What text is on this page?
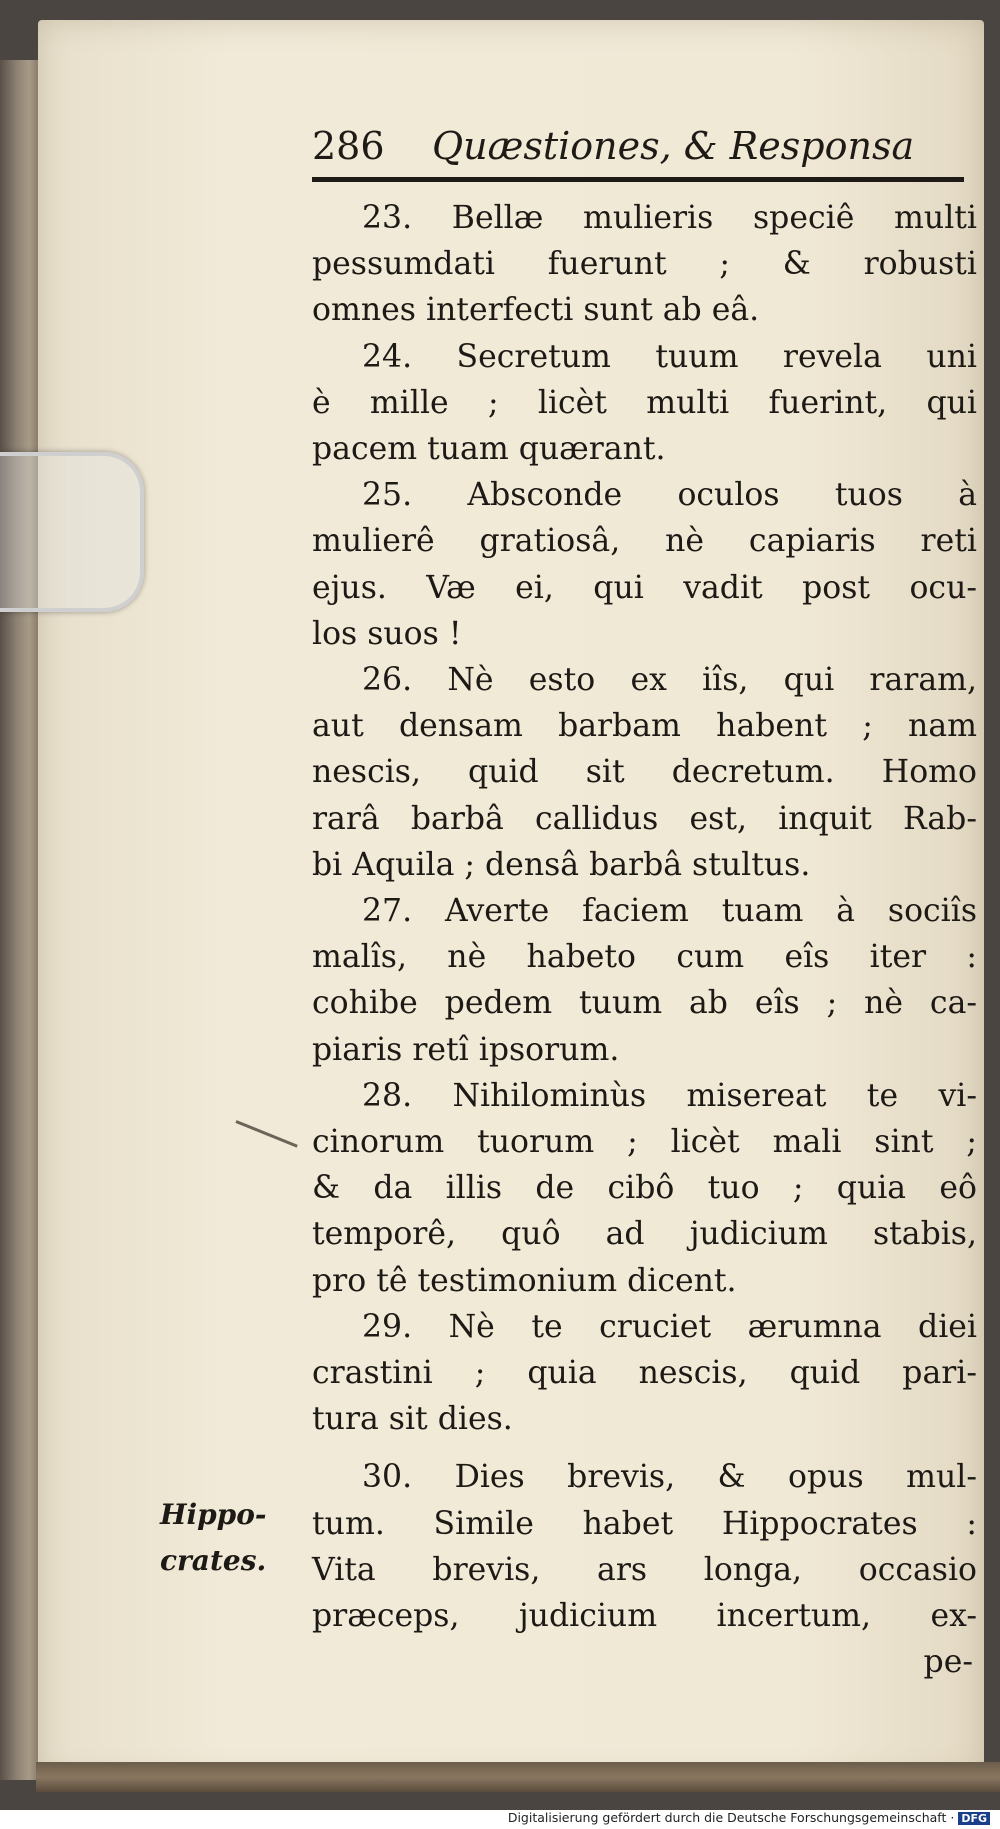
286 Quæstiones, & Responsa

23. Bellæ mulieris speciê multi
pessumdati fuerunt ; & robusti
omnes interfecti sunt ab eâ.

24. Secretum tuum revela uni
è mille ; licèt multi fuerint, qui
pacem tuam quærant.

25. Absconde oculos tuos à
mulierê gratiosâ, nè capiaris reti
ejus. Væ ei, qui vadit post ocu-
los suos !

26. Nè esto ex iîs, qui raram,
aut densam barbam habent ; nam
nescis, quid sit decretum. Homo
rarâ barbâ callidus est, inquit Rab-
bi Aquila ; densâ barbâ stultus.

27. Averte faciem tuam à sociîs
malîs, nè habeto cum eîs iter :
cohibe pedem tuum ab eîs ; nè ca-
piaris retî ipsorum.

28. Nihilominùs misereat te vi-
cinorum tuorum ; licèt mali sint ;
& da illis de cibô tuo ; quia eô
temporê, quô ad judicium stabis,
pro tê testimonium dicent.

29. Nè te cruciet ærumna diei
crastini ; quia nescis, quid pari-
tura sit dies.

30. Dies brevis, & opus mul-
tum. Simile habet Hippocrates :
Vita brevis, ars longa, occasio
præceps, judicium incertum, ex-

pe-
Hippo-
crates.
Digitalisierung gefördert durch die Deutsche Forschungsgemeinschaft · DFG
